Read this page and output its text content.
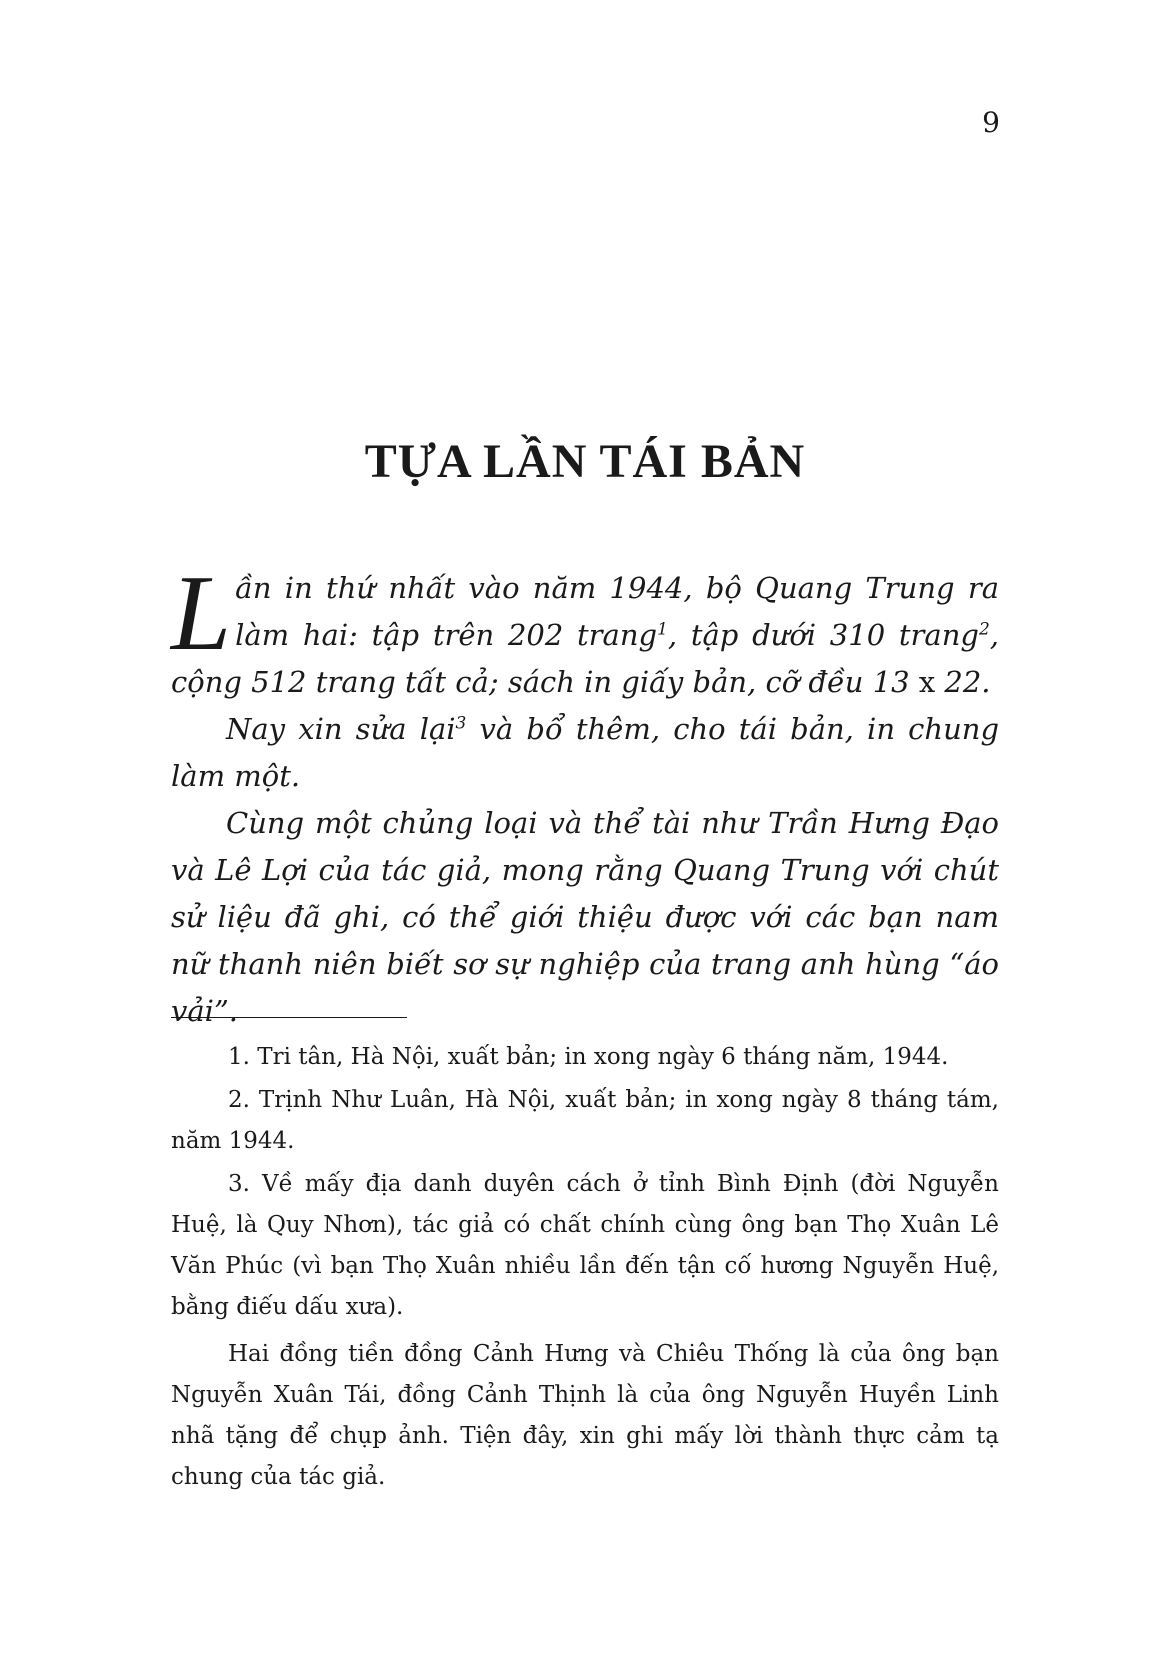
9
TỰA LẦN TÁI BẢN

Lần in thứ nhất vào năm 1944, bộ Quang Trung ra làm hai: tập trên 202 trang$^1$, tập dưới 310 trang$^2$, cộng 512 trang tất cả; sách in giấy bản, cỡ đều 13 x 22.

Nay xin sửa lại$^3$ và bổ thêm, cho tái bản, in chung làm một.

Cùng một chủng loại và thể tài như Trần Hưng Đạo và Lê Lợi của tác giả, mong rằng Quang Trung với chút sử liệu đã ghi, có thể giới thiệu được với các bạn nam nữ thanh niên biết sơ sự nghiệp của trang anh hùng “áo vải”.

1. Tri tân, Hà Nội, xuất bản; in xong ngày 6 tháng năm, 1944.

2. Trịnh Như Luân, Hà Nội, xuất bản; in xong ngày 8 tháng tám, năm 1944.

3. Về mấy địa danh duyên cách ở tỉnh Bình Định (đời Nguyễn Huệ, là Quy Nhơn), tác giả có chất chính cùng ông bạn Thọ Xuân Lê Văn Phúc (vì bạn Thọ Xuân nhiều lần đến tận cố hương Nguyễn Huệ, bằng điếu dấu xưa).

Hai đồng tiền đồng Cảnh Hưng và Chiêu Thống là của ông bạn Nguyễn Xuân Tái, đồng Cảnh Thịnh là của ông Nguyễn Huyền Linh nhã tặng để chụp ảnh. Tiện đây, xin ghi mấy lời thành thực cảm tạ chung của tác giả.
